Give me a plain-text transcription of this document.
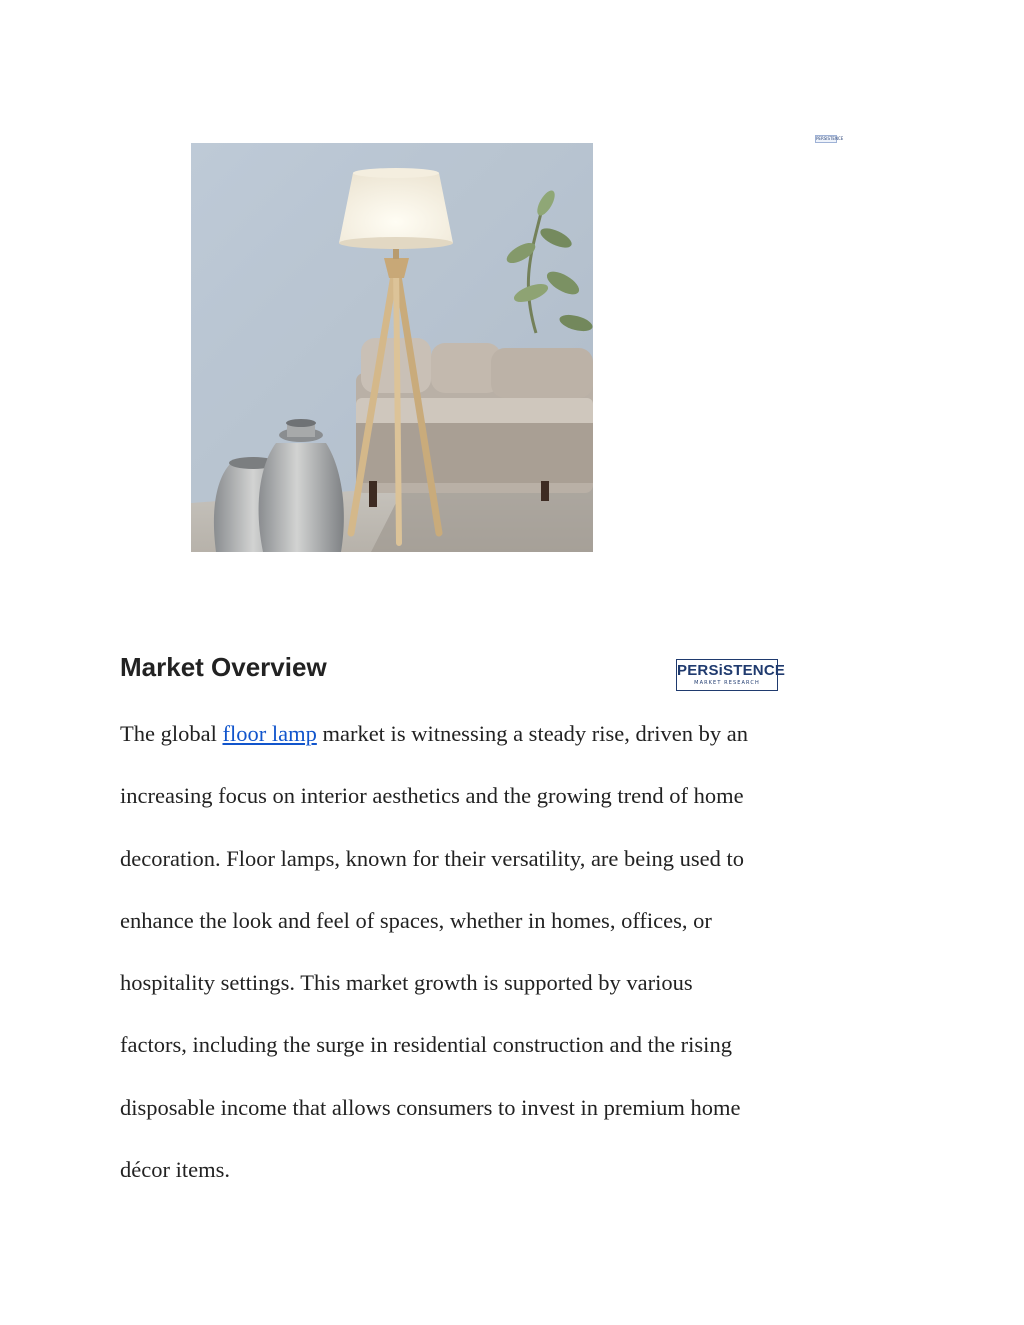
PERSISTENCE
PERSiSTENCE
MARKET RESEARCH
Market Overview
The global floor lamp market is witnessing a steady rise, driven by an
increasing focus on interior aesthetics and the growing trend of home
decoration. Floor lamps, known for their versatility, are being used to
enhance the look and feel of spaces, whether in homes, offices, or
hospitality settings. This market growth is supported by various
factors, including the surge in residential construction and the rising
disposable income that allows consumers to invest in premium home
décor items.
